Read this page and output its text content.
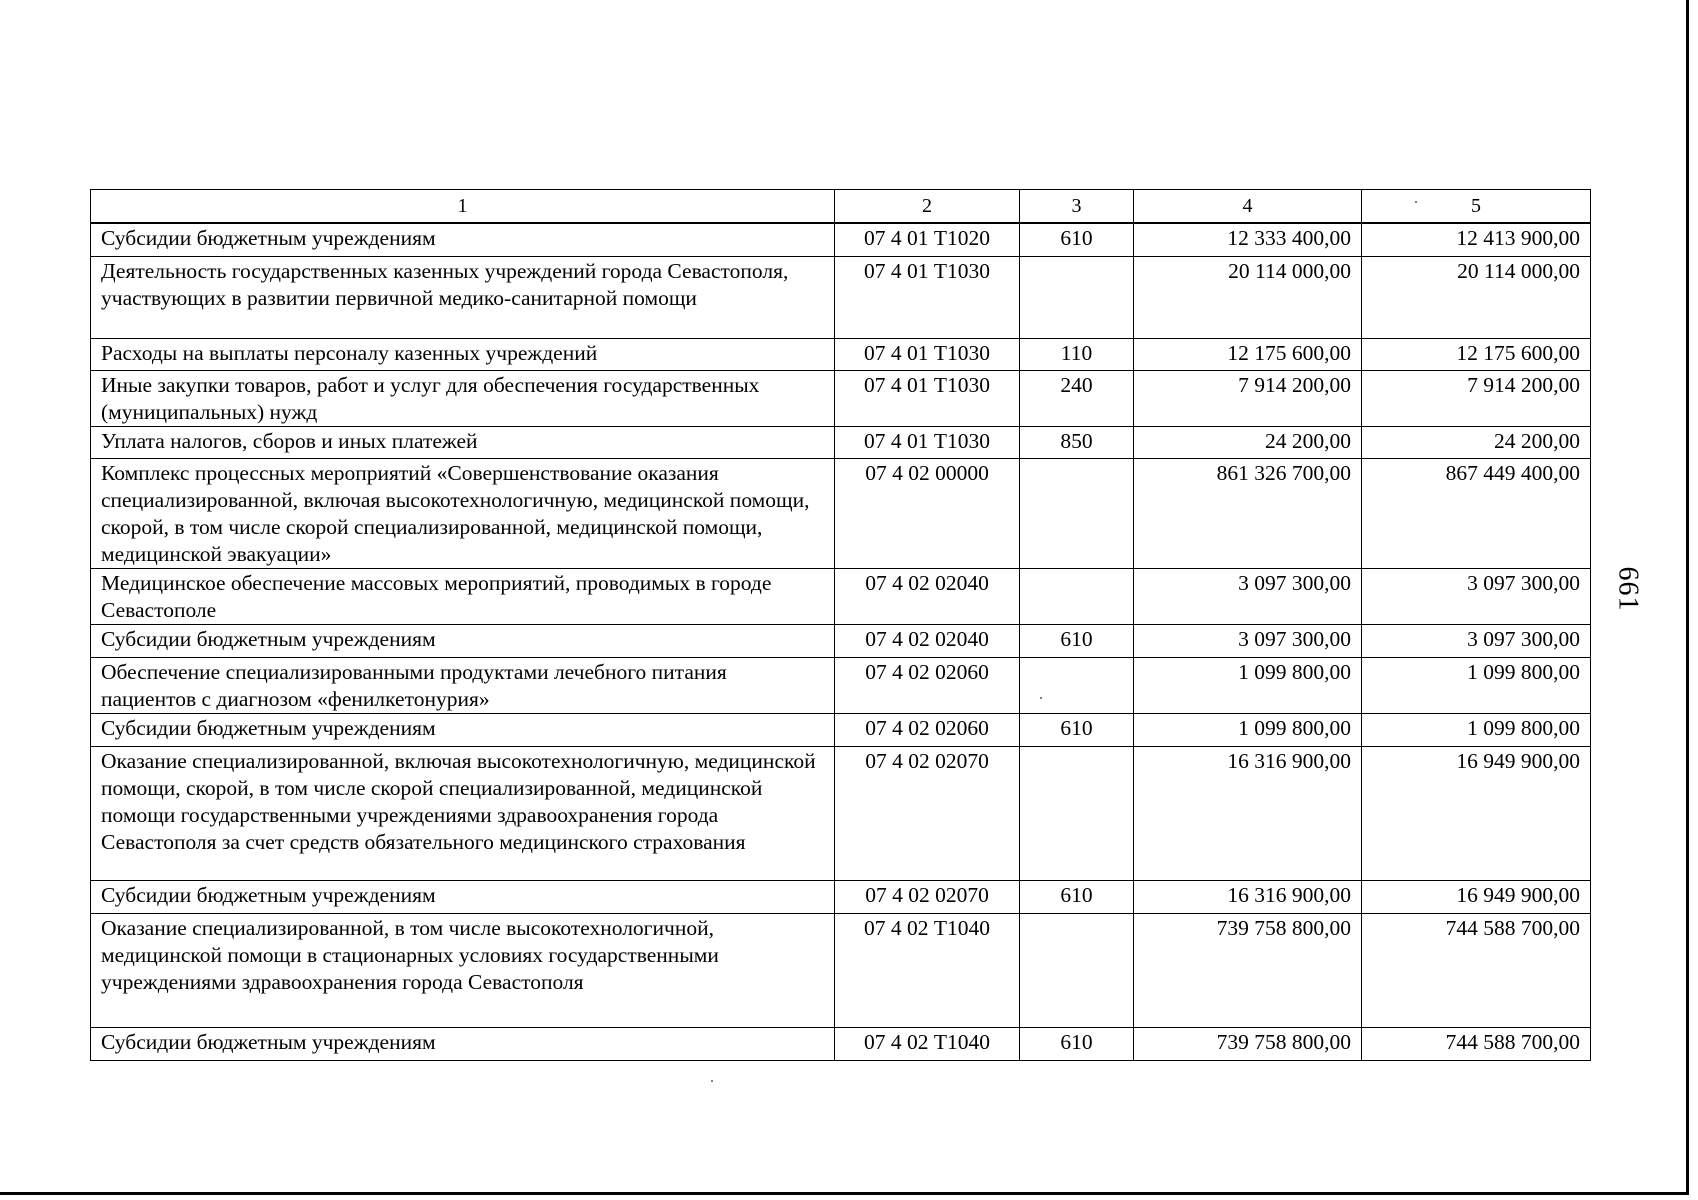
1	2	3	4	5
Субсидии бюджетным учреждениям	07 4 01 Т1020	610	12 333 400,00	12 413 900,00
Деятельность государственных казенных учреждений города Севастополя, участвующих в развитии первичной медико-санитарной помощи	07 4 01 Т1030		20 114 000,00	20 114 000,00
Расходы на выплаты персоналу казенных учреждений	07 4 01 Т1030	110	12 175 600,00	12 175 600,00
Иные закупки товаров, работ и услуг для обеспечения государственных (муниципальных) нужд	07 4 01 Т1030	240	7 914 200,00	7 914 200,00
Уплата налогов, сборов и иных платежей	07 4 01 Т1030	850	24 200,00	24 200,00
Комплекс процессных мероприятий «Совершенствование оказания специализированной, включая высокотехнологичную, медицинской помощи, скорой, в том числе скорой специализированной, медицинской помощи, медицинской эвакуации»	07 4 02 00000		861 326 700,00	867 449 400,00
Медицинское обеспечение массовых мероприятий, проводимых в городе Севастополе	07 4 02 02040		3 097 300,00	3 097 300,00
Субсидии бюджетным учреждениям	07 4 02 02040	610	3 097 300,00	3 097 300,00
Обеспечение специализированными продуктами лечебного питания пациентов с диагнозом «фенилкетонурия»	07 4 02 02060		1 099 800,00	1 099 800,00
Субсидии бюджетным учреждениям	07 4 02 02060	610	1 099 800,00	1 099 800,00
Оказание специализированной, включая высокотехнологичную, медицинской помощи, скорой, в том числе скорой специализированной, медицинской помощи государственными учреждениями здравоохранения города Севастополя за счет средств обязательного медицинского страхования	07 4 02 02070		16 316 900,00	16 949 900,00
Субсидии бюджетным учреждениям	07 4 02 02070	610	16 316 900,00	16 949 900,00
Оказание специализированной, в том числе высокотехнологичной, медицинской помощи в стационарных условиях государственными учреждениями здравоохранения города Севастополя	07 4 02 Т1040		739 758 800,00	744 588 700,00
Субсидии бюджетным учреждениям	07 4 02 Т1040	610	739 758 800,00	744 588 700,00
661
